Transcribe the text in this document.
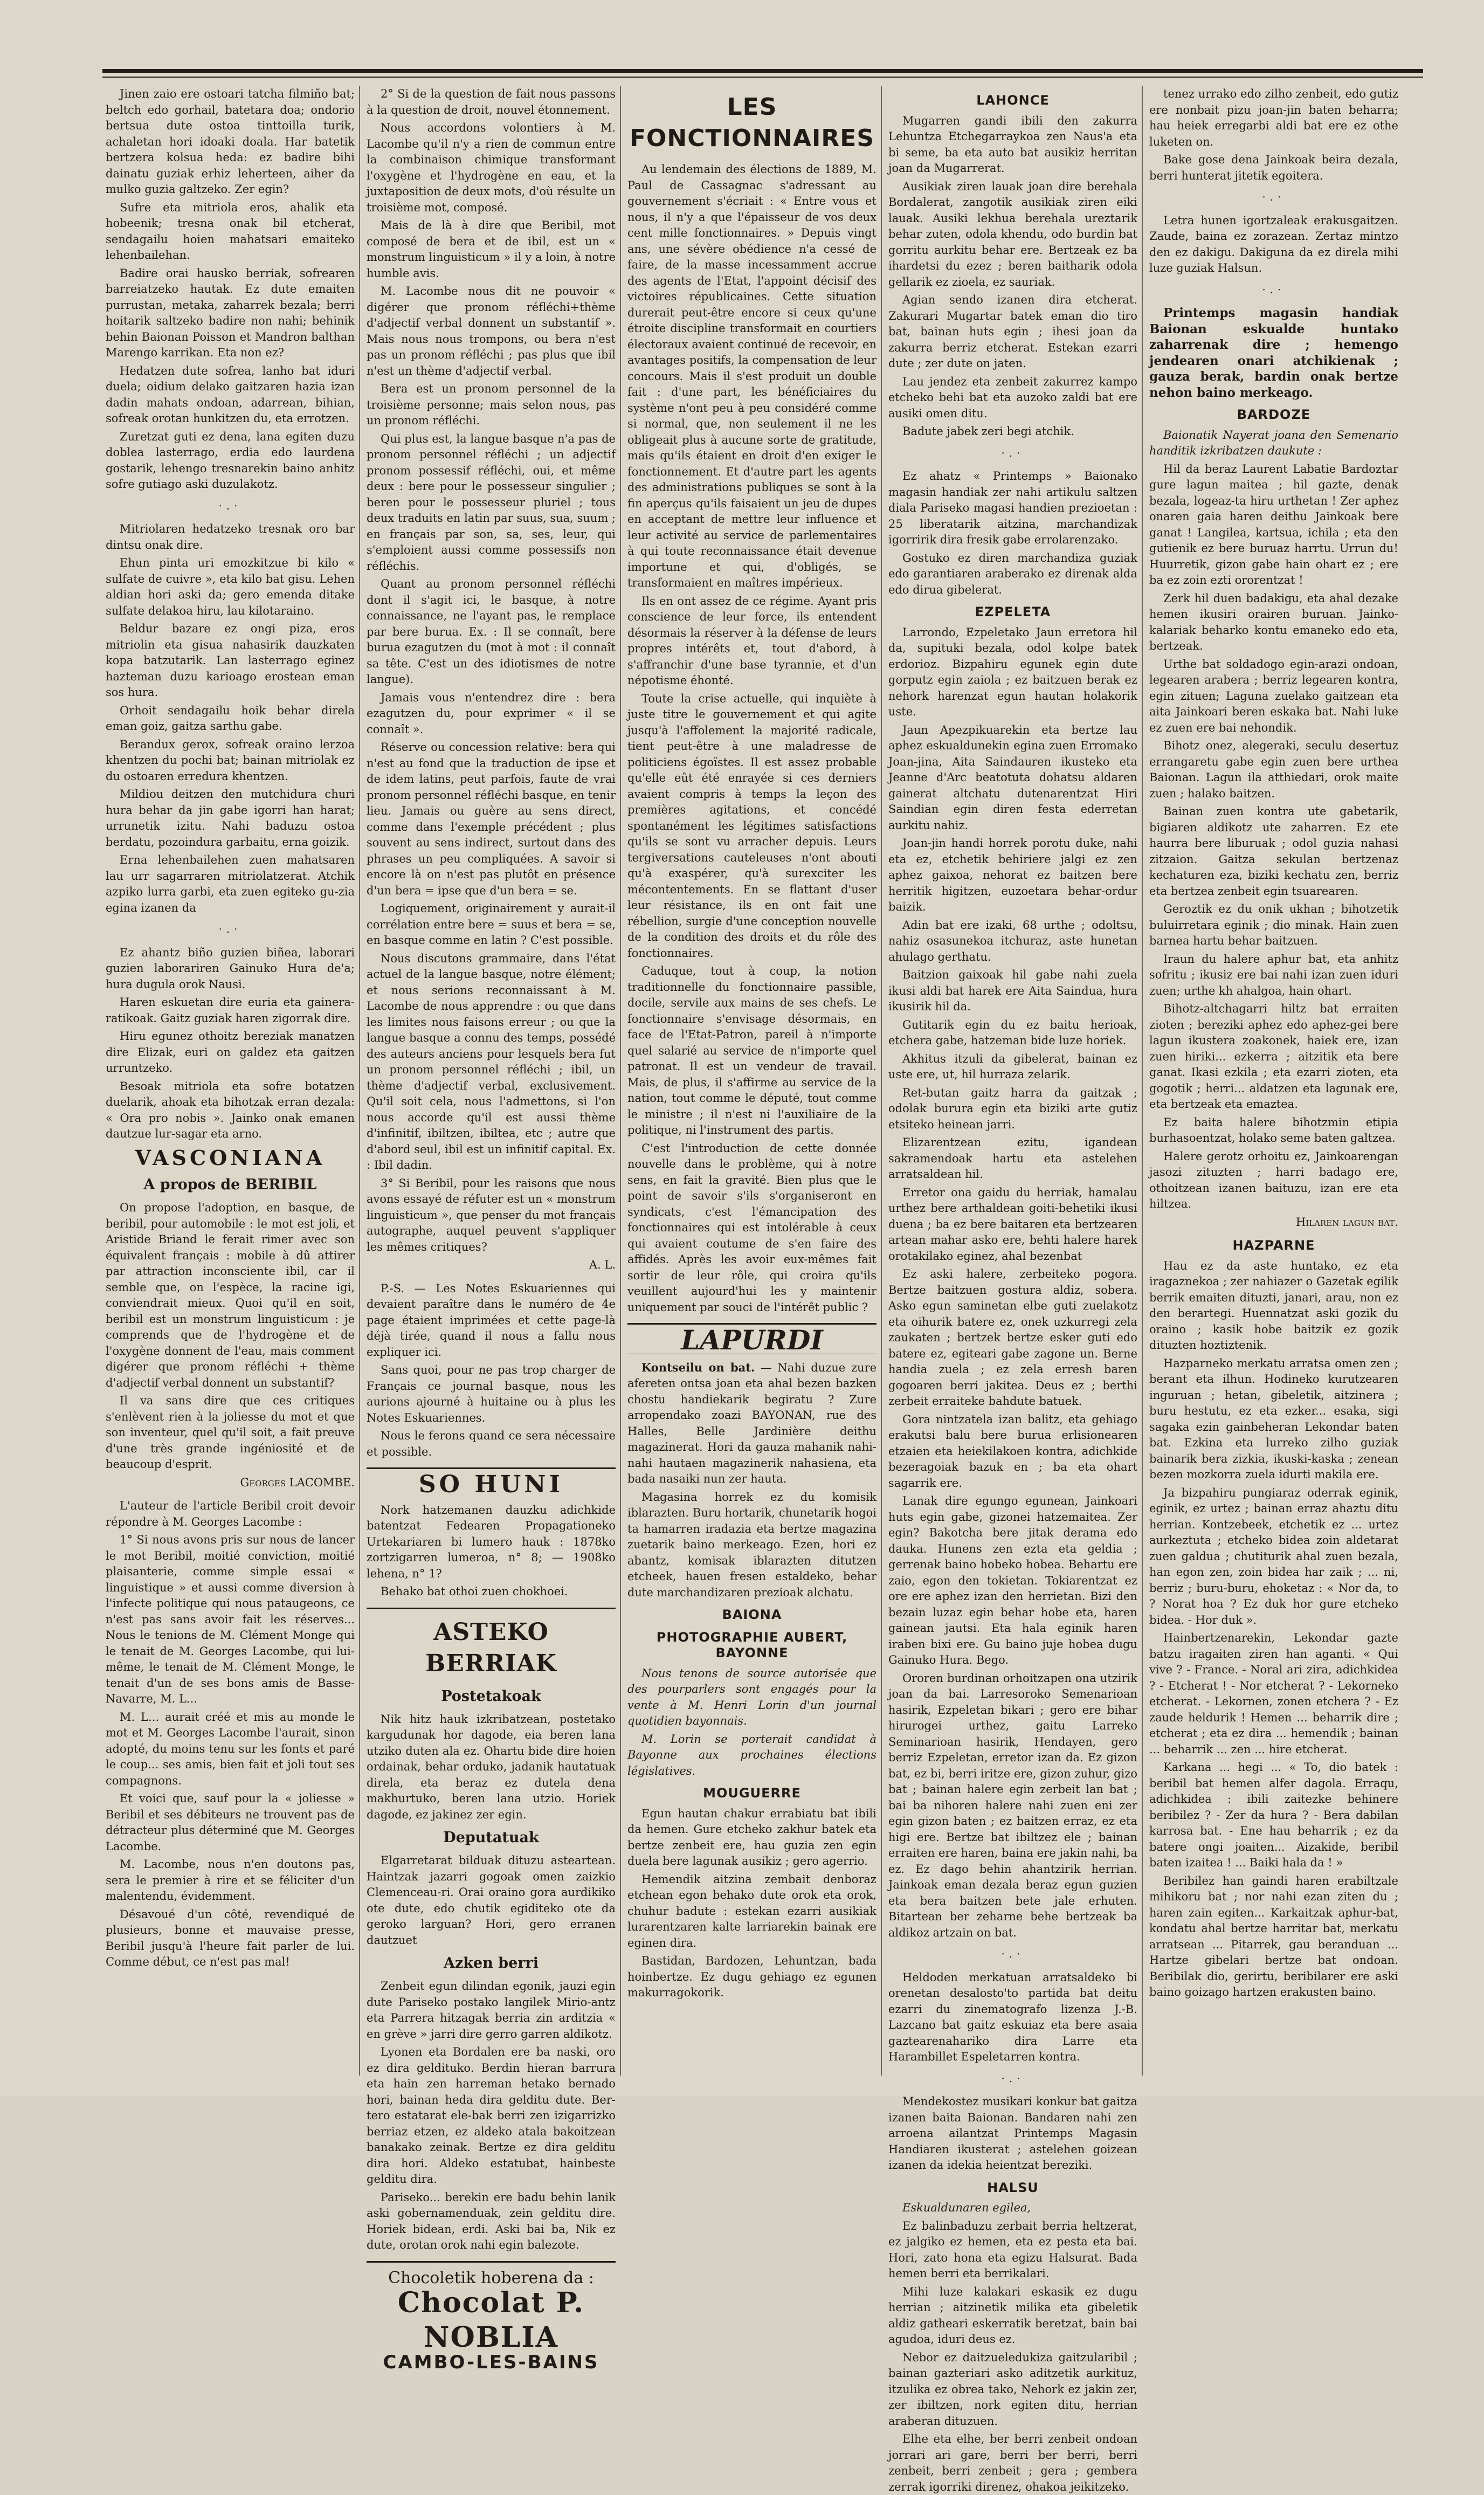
Jinen zaio ere ostoari tatcha filmiño bat; beltch edo gorhail, batetara doa; ondorio bertsua dute ostoa tinttoilla turik, achaletan hori idoaki doala. Har batetik bertzera kolsua heda: ez badire bihi dainatu guziak erhiz leherteen, aiher da mulko guzia galtzeko. Zer egin?

Sufre eta mitriola eros, ahalik eta hobeenik; tresna onak bil etcherat, sendagailu hoien mahatsari emaiteko lehenbailehan.

Badire orai hausko berriak, sofrearen barreiatzeko hautak. Ez dute emaiten purrustan, metaka, zaharrek bezala; berri hoitarik saltzeko badire non nahi; behinik behin Baionan Poisson et Mandron balthan Marengo karrikan. Eta non ez?

Hedatzen dute sofrea, lanho bat iduri duela; oidium delako gaitzaren hazia izan dadin mahats ondoan, adarrean, bihian, sofreak orotan hunkitzen du, eta errotzen.

Zuretzat guti ez dena, lana egiten duzu doblea lasterrago, erdia edo laurdena gostarik, lehengo tresnarekin baino anhitz sofre gutiago aski duzulakotz.

·.·

Mitriolaren hedatzeko tresnak oro bar dintsu onak dire.

Ehun pinta uri emozkitzue bi kilo « sulfate de cuivre », eta kilo bat gisu. Lehen aldian hori aski da; gero emenda ditake sulfate delakoa hiru, lau kilotaraino.

Beldur bazare ez ongi piza, eros mitriolin eta gisua nahasirik dauzkaten kopa batzutarik. Lan lasterrago eginez hazteman duzu karioago erostean eman sos hura.

Orhoit sendagailu hoik behar direla eman goiz, gaitza sarthu gabe.

Berandux gerox, sofreak oraino lerzoa khentzen du pochi bat; bainan mitriolak ez du ostoaren erredura khentzen.

Mildiou deitzen den mutchidura churi hura behar da jin gabe igorri han harat; urrunetik izitu. Nahi baduzu ostoa berdatu, pozoindura garbaitu, erna goizik.

Erna lehenbailehen zuen mahatsaren lau urr sagarraren mitriolatzerat. Atchik azpiko lurra garbi, eta zuen egiteko gu-zia egina izanen da

·.·

Ez ahantz biño guzien biñea, laborari guzien laborariren Gainuko Hura de'a; hura dugula orok Nausi.

Haren eskuetan dire euria eta gainera-ratikoak. Gaitz guziak haren zigorrak dire.

Hiru egunez othoitz bereziak manatzen dire Elizak, euri on galdez eta gaitzen urruntzeko.

Besoak mitriola eta sofre botatzen duelarik, ahoak eta bihotzak erran dezala: « Ora pro nobis ». Jainko onak emanen dautzue lur-sagar eta arno.

VASCONIANA
A propos de BERIBIL

On propose l'adoption, en basque, de beribil, pour automobile : le mot est joli, et Aristide Briand le ferait rimer avec son équivalent français : mobile à dû attirer par attraction inconsciente ibil, car il semble que, on l'espèce, la racine igi, conviendrait mieux. Quoi qu'il en soit, beribil est un monstrum linguisticum : je comprends que de l'hydrogène et de l'oxygène donnent de l'eau, mais comment digérer que pronom réfléchi + thème d'adjectif verbal donnent un substantif?

Il va sans dire que ces critiques s'enlèvent rien à la joliesse du mot et que son inventeur, quel qu'il soit, a fait preuve d'une très grande ingéniosité et de beaucoup d'esprit.

Georges LACOMBE.

L'auteur de l'article Beribil croit devoir répondre à M. Georges Lacombe :

1° Si nous avons pris sur nous de lancer le mot Beribil, moitié conviction, moitié plaisanterie, comme simple essai « linguistique » et aussi comme diversion à l'infecte politique qui nous pataugeons, ce n'est pas sans avoir fait les réserves... Nous le tenions de M. Clément Monge qui le tenait de M. Georges Lacombe, qui lui-même, le tenait de M. Clément Monge, le tenait d'un de ses bons amis de Basse-Navarre, M. L...

M. L... aurait créé et mis au monde le mot et M. Georges Lacombe l'aurait, sinon adopté, du moins tenu sur les fonts et paré le coup... ses amis, bien fait et joli tout ses compagnons.

Et voici que, sauf pour la « joliesse » Beribil et ses débiteurs ne trouvent pas de détracteur plus déterminé que M. Georges Lacombe.

M. Lacombe, nous n'en doutons pas, sera le premier à rire et se féliciter d'un malentendu, évidemment.

Désavoué d'un côté, revendiqué de plusieurs, bonne et mauvaise presse, Beribil jusqu'à l'heure fait parler de lui. Comme début, ce n'est pas mal!

2° Si de la question de fait nous passons à la question de droit, nouvel étonnement.

Nous accordons volontiers à M. Lacombe qu'il n'y a rien de commun entre la combinaison chimique transformant l'oxygène et l'hydrogène en eau, et la juxtaposition de deux mots, d'où résulte un troisième mot, composé.

Mais de là à dire que Beribil, mot composé de bera et de ibil, est un « monstrum linguisticum » il y a loin, à notre humble avis.

M. Lacombe nous dit ne pouvoir « digérer que pronom réfléchi+thème d'adjectif verbal donnent un substantif ». Mais nous nous trompons, ou bera n'est pas un pronom réfléchi ; pas plus que ibil n'est un thème d'adjectif verbal.

Bera est un pronom personnel de la troisième personne; mais selon nous, pas un pronom réfléchi.

Qui plus est, la langue basque n'a pas de pronom personnel réfléchi ; un adjectif pronom possessif réfléchi, oui, et même deux : bere pour le possesseur singulier ; beren pour le possesseur pluriel ; tous deux traduits en latin par suus, sua, suum ; en français par son, sa, ses, leur, qui s'emploient aussi comme possessifs non réfléchis.

Quant au pronom personnel réfléchi dont il s'agit ici, le basque, à notre connaissance, ne l'ayant pas, le remplace par bere burua. Ex. : Il se connaît, bere burua ezagutzen du (mot à mot : il connaît sa tête. C'est un des idiotismes de notre langue).

Jamais vous n'entendrez dire : bera ezagutzen du, pour exprimer « il se connaît ».

Réserve ou concession relative: bera qui n'est au fond que la traduction de ipse et de idem latins, peut parfois, faute de vrai pronom personnel réfléchi basque, en tenir lieu. Jamais ou guère au sens direct, comme dans l'exemple précédent ; plus souvent au sens indirect, surtout dans des phrases un peu compliquées. A savoir si encore là on n'est pas plutôt en présence d'un bera = ipse que d'un bera = se.

Logiquement, originairement y aurait-il corrélation entre bere = suus et bera = se, en basque comme en latin ? C'est possible.

Nous discutons grammaire, dans l'état actuel de la langue basque, notre élément; et nous serions reconnaissant à M. Lacombe de nous apprendre : ou que dans les limites nous faisons erreur ; ou que la langue basque a connu des temps, possédé des auteurs anciens pour lesquels bera fut un pronom personnel réfléchi ; ibil, un thème d'adjectif verbal, exclusivement. Qu'il soit cela, nous l'admettons, si l'on nous accorde qu'il est aussi thème d'infinitif, ibiltzen, ibiltea, etc ; autre que d'abord seul, ibil est un infinitif capital. Ex. : Ibil dadin.

3° Si Beribil, pour les raisons que nous avons essayé de réfuter est un « monstrum linguisticum », que penser du mot français autographe, auquel peuvent s'appliquer les mêmes critiques?

A. L.

P.-S. — Les Notes Eskuariennes qui devaient paraître dans le numéro de 4e page étaient imprimées et cette page-là déjà tirée, quand il nous a fallu nous expliquer ici.

Sans quoi, pour ne pas trop charger de Français ce journal basque, nous les aurions ajourné à huitaine ou à plus les Notes Eskuariennes.

Nous le ferons quand ce sera nécessaire et possible.

SO HUNI

Nork hatzemanen dauzku adichkide batentzat Fedearen Propagationeko Urtekariaren bi lumero hauk : 1878ko zortzigarren lumeroa, n° 8; — 1908ko lehena, n° 1?

Behako bat othoi zuen chokhoei.

ASTEKO BERRIAK
Postetakoak

Nik hitz hauk izkribatzean, postetako kargudunak hor dagode, eia beren lana utziko duten ala ez. Ohartu bide dire hoien ordainak, behar orduko, jadanik hautatuak direla, eta beraz ez dutela dena makhurtuko, beren lana utzio. Horiek dagode, ez jakinez zer egin.

Deputatuak

Elgarretarat bilduak dituzu asteartean. Haintzak jazarri gogoak omen zaizkio Clemenceau-ri. Orai oraino gora aurdikiko ote dute, edo chutik egiditeko ote da geroko larguan? Hori, gero erranen dautzuet

Azken berri

Zenbeit egun dilindan egonik, jauzi egin dute Pariseko postako langilek Mirio-antz eta Parrera hitzagak berria zin arditzia « en grève » jarri dire gerro garren aldikotz.

Lyonen eta Bordalen ere ba naski, oro ez dira geldituko. Berdin hieran barrura eta hain zen harreman hetako bernado hori, bainan heda dira gelditu dute. Ber-tero estatarat ele-bak berri zen izigarrizko berriaz etzen, ez aldeko atala bakoitzean banakako zeinak. Bertze ez dira gelditu dira hori. Aldeko estatubat, hainbeste gelditu dira.

Pariseko... berekin ere badu behin lanik aski gobernamenduak, zein gelditu dire. Horiek bidean, erdi. Aski bai ba, Nik ez dute, orotan orok nahi egin balezote.

Chocoletik hoberena da :
Chocolat P. NOBLIA
CAMBO-LES-BAINS
LES FONCTIONNAIRES

Au lendemain des élections de 1889, M. Paul de Cassagnac s'adressant au gouvernement s'écriait : « Entre vous et nous, il n'y a que l'épaisseur de vos deux cent mille fonctionnaires. » Depuis vingt ans, une sévère obédience n'a cessé de faire, de la masse incessamment accrue des agents de l'Etat, l'appoint décisif des victoires républicaines. Cette situation durerait peut-être encore si ceux qu'une étroite discipline transformait en courtiers électoraux avaient continué de recevoir, en avantages positifs, la compensation de leur concours. Mais il s'est produit un double fait : d'une part, les bénéficiaires du système n'ont peu à peu considéré comme si normal, que, non seulement il ne les obligeait plus à aucune sorte de gratitude, mais qu'ils étaient en droit d'en exiger le fonctionnement. Et d'autre part les agents des administrations publiques se sont à la fin aperçus qu'ils faisaient un jeu de dupes en acceptant de mettre leur influence et leur activité au service de parlementaires à qui toute reconnaissance était devenue importune et qui, d'obligés, se transformaient en maîtres impérieux.

Ils en ont assez de ce régime. Ayant pris conscience de leur force, ils entendent désormais la réserver à la défense de leurs propres intérêts et, tout d'abord, à s'affranchir d'une base tyrannie, et d'un népotisme éhonté.

Toute la crise actuelle, qui inquiète à juste titre le gouvernement et qui agite jusqu'à l'affolement la majorité radicale, tient peut-être à une maladresse de politiciens égoïstes. Il est assez probable qu'elle eût été enrayée si ces derniers avaient compris à temps la leçon des premières agitations, et concédé spontanément les légitimes satisfactions qu'ils se sont vu arracher depuis. Leurs tergiversations cauteleuses n'ont abouti qu'à exaspérer, qu'à surexciter les mécontentements. En se flattant d'user leur résistance, ils en ont fait une rébellion, surgie d'une conception nouvelle de la condition des droits et du rôle des fonctionnaires.

Caduque, tout à coup, la notion traditionnelle du fonctionnaire passible, docile, servile aux mains de ses chefs. Le fonctionnaire s'envisage désormais, en face de l'Etat-Patron, pareil à n'importe quel salarié au service de n'importe quel patronat. Il est un vendeur de travail. Mais, de plus, il s'affirme au service de la nation, tout comme le député, tout comme le ministre ; il n'est ni l'auxiliaire de la politique, ni l'instrument des partis.

C'est l'introduction de cette donnée nouvelle dans le problème, qui à notre sens, en fait la gravité. Bien plus que le point de savoir s'ils s'organiseront en syndicats, c'est l'émancipation des fonctionnaires qui est intolérable à ceux qui avaient coutume de s'en faire des affidés. Après les avoir eux-mêmes fait sortir de leur rôle, qui croira qu'ils veuillent aujourd'hui les y maintenir uniquement par souci de l'intérêt public ?

LAPURDI

Kontseilu on bat. — Nahi duzue zure afereten ontsa joan eta ahal bezen bazken chostu handiekarik begiratu ? Zure arropendako zoazi BAYONAN, rue des Halles, Belle Jardinière deithu magazinerat. Hori da gauza mahanik nahi-nahi hautaen magazinerik nahasiena, eta bada nasaiki nun zer hauta.

Magasina horrek ez du komisik iblarazten. Buru hortarik, chunetarik hogoi ta hamarren iradazia eta bertze magazina zuetarik baino merkeago. Ezen, hori ez abantz, komisak iblarazten ditutzen etcheek, hauen fresen estaldeko, behar dute marchandizaren prezioak alchatu.

BAIONA
PHOTOGRAPHIE AUBERT, BAYONNE

Nous tenons de source autorisée que des pourparlers sont engagés pour la vente à M. Henri Lorin d'un journal quotidien bayonnais.

M. Lorin se porterait candidat à Bayonne aux prochaines élections législatives.

MOUGUERRE

Egun hautan chakur errabiatu bat ibili da hemen. Gure etcheko zakhur batek eta bertze zenbeit ere, hau guzia zen egin duela bere lagunak ausikiz ; gero agerrio.

Hemendik aitzina zembait denboraz etchean egon behako dute orok eta orok, chuhur badute : estekan ezarri ausikiak lurarentzaren kalte larriarekin bainak ere eginen dira.

Bastidan, Bardozen, Lehuntzan, bada hoinbertze. Ez dugu gehiago ez egunen makurragokorik.

LAHONCE

Mugarren gandi ibili den zakurra Lehuntza Etchegarraykoa zen Naus'a eta bi seme, ba eta auto bat ausikiz herritan joan da Mugarrerat.

Ausikiak ziren lauak joan dire berehala Bordalerat, zangotik ausikiak ziren eiki lauak. Ausiki lekhua berehala ureztarik behar zuten, odola khendu, odo burdin bat gorritu aurkitu behar ere. Bertzeak ez ba ihardetsi du ezez ; beren baitharik odola gellarik ez zioela, ez sauriak.

Agian sendo izanen dira etcherat. Zakurari Mugartar batek eman dio tiro bat, bainan huts egin ; ihesi joan da zakurra berriz etcherat. Estekan ezarri dute ; zer dute on jaten.

Lau jendez eta zenbeit zakurrez kampo etcheko behi bat eta auzoko zaldi bat ere ausiki omen ditu.

Badute jabek zeri begi atchik.

·.·

Ez ahatz « Printemps » Baionako magasin handiak zer nahi artikulu saltzen diala Pariseko magasi handien prezioetan : 25 liberatarik aitzina, marchandizak igorririk dira fresik gabe errolarenzako.

Gostuko ez diren marchandiza guziak edo garantiaren araberako ez direnak alda edo dirua gibelerat.

EZPELETA

Larrondo, Ezpeletako Jaun erretora hil da, supituki bezala, odol kolpe batek erdorioz. Bizpahiru egunek egin dute gorputz egin zaiola ; ez baitzuen berak ez nehork harenzat egun hautan holakorik uste.

Jaun Apezpikuarekin eta bertze lau aphez eskualdunekin egina zuen Erromako Joan-jina, Aita Saindauren ikusteko eta Jeanne d'Arc beatotuta dohatsu aldaren gainerat altchatu dutenarentzat Hiri Saindian egin diren festa ederretan aurkitu nahiz.

Joan-jin handi horrek porotu duke, nahi eta ez, etchetik behiriere jalgi ez zen aphez gaixoa, nehorat ez baitzen bere herritik higitzen, euzoetara behar-ordur baizik.

Adin bat ere izaki, 68 urthe ; odoltsu, nahiz osasunekoa itchuraz, aste hunetan ahulago gerthatu.

Baitzion gaixoak hil gabe nahi zuela ikusi aldi bat harek ere Aita Saindua, hura ikusirik hil da.

Gutitarik egin du ez baitu herioak, etchera gabe, hatzeman bide luze horiek.

Akhitus itzuli da gibelerat, bainan ez uste ere, ut, hil hurraza zelarik.

Ret-butan gaitz harra da gaitzak ; odolak burura egin eta biziki arte gutiz etsiteko heinean jarri.

Elizarentzean ezitu, igandean sakramendoak hartu eta astelehen arratsaldean hil.

Erretor ona gaidu du herriak, hamalau urthez bere arthaldean goiti-behetiki ikusi duena ; ba ez bere baitaren eta bertzearen artean mahar asko ere, behti halere harek orotakilako eginez, ahal bezenbat

Ez aski halere, zerbeiteko pogora. Bertze baitzuen gostura aldiz, sobera. Asko egun saminetan elbe guti zuelakotz eta oihurik batere ez, onek uzkurregi zela zaukaten ; bertzek bertze esker guti edo batere ez, egiteari gabe zagone un. Berne handia zuela ; ez zela erresh baren gogoaren berri jakitea. Deus ez ; berthi zerbeit erraiteke bahdute batuek.

Gora nintzatela izan balitz, eta gehiago erakutsi balu bere burua erlisionearen etzaien eta heiekilakoen kontra, adichkide bezeragoiak bazuk en ; ba eta ohart sagarrik ere.

Lanak dire egungo egunean, Jainkoari huts egin gabe, gizonei hatzemaitea. Zer egin? Bakotcha bere jitak derama edo dauka. Hunens zen ezta eta geldia ; gerrenak baino hobeko hobea. Behartu ere zaio, egon den tokietan. Tokiarentzat ez ore ere aphez izan den herrietan. Bizi den bezain luzaz egin behar hobe eta, haren gainean jautsi. Eta hala eginik haren iraben bixi ere. Gu baino juje hobea dugu Gainuko Hura. Bego.

Ororen burdinan orhoitzapen ona utzirik joan da bai. Larresoroko Semenarioan hasirik, Ezpeletan bikari ; gero ere bihar hirurogei urthez, gaitu Larreko Seminarioan hasirik, Hendayen, gero berriz Ezpeletan, erretor izan da. Ez gizon bat, ez bi, berri iritze ere, gizon zuhur, gizo bat ; bainan halere egin zerbeit lan bat ; bai ba nihoren halere nahi zuen eni zer egin gizon baten ; ez baitzen erraz, ez eta higi ere. Bertze bat ibiltzez ele ; bainan erraiten ere haren, baina ere jakin nahi, ba ez. Ez dago behin ahantzirik herrian. Jainkoak eman dezala beraz egun guzien eta bera baitzen bete jale erhuten. Bitartean ber zeharne behe bertzeak ba aldikoz artzain on bat.

·.·

Heldoden merkatuan arratsaldeko bi orenetan desalosto'to partida bat deitu ezarri du zinematografo lizenza J.-B. Lazcano bat gaitz eskuiaz eta bere asaia gaztearenahariko dira Larre eta Harambillet Espeletarren kontra.

·.·

Mendekostez musikari konkur bat gaitza izanen baita Baionan. Bandaren nahi zen arroena ailantzat Printemps Magasin Handiaren ikusterat ; astelehen goizean izanen da idekia heientzat bereziki.

HALSU

Eskualdunaren egilea,

Ez balinbaduzu zerbait berria heltzerat, ez jalgiko ez hemen, eta ez pesta eta bai. Hori, zato hona eta egizu Halsurat. Bada hemen berri eta berrikalari.

Mihi luze kalakari eskasik ez dugu herrian ; aitzinetik milika eta gibeletik aldiz gatheari eskerratik beretzat, bain bai agudoa, iduri deus ez.

Nebor ez daitzueledukiza gaitzularibil ; bainan gazteriari asko aditzetik aurkituz, itzulika ez obrea tako, Nehork ez jakin zer, zer ibiltzen, nork egiten ditu, herrian araberan dituzuen.

Elhe eta elhe, ber berri zenbeit ondoan jorrari ari gare, berri ber berri, berri zenbeit, berri zenbeit ; gera ; gembera zerrak igorriki direnez, ohakoa jeikitzeko.

tenez urrako edo zilho zenbeit, edo gutiz ere nonbait pizu joan-jin baten beharra; hau heiek erregarbi aldi bat ere ez othe luketen on.

Bake gose dena Jainkoak beira dezala, berri hunterat jitetik egoitera.

·.·

Letra hunen igortzaleak erakusgaitzen. Zaude, baina ez zorazean. Zertaz mintzo den ez dakigu. Dakiguna da ez direla mihi luze guziak Halsun.

·.·

Printemps magasin handiak Baionan eskualde huntako zaharrenak dire ; hemengo jendearen onari atchikienak ; gauza berak, bardin onak bertze nehon baino merkeago.

BARDOZE

Baionatik Nayerat joana den Semenario handitik izkribatzen daukute :

Hil da beraz Laurent Labatie Bardoztar gure lagun maitea ; hil gazte, denak bezala, logeaz-ta hiru urthetan ! Zer aphez onaren gaia haren deithu Jainkoak bere ganat ! Langilea, kartsua, ichila ; eta den gutienik ez bere buruaz harrtu. Urrun du! Huurretik, gizon gabe hain ohart ez ; ere ba ez zoin ezti ororentzat !

Zerk hil duen badakigu, eta ahal dezake hemen ikusiri orairen buruan. Jainko-kalariak beharko kontu emaneko edo eta, bertzeak.

Urthe bat soldadogo egin-arazi ondoan, legearen arabera ; berriz legearen kontra, egin zituen; Laguna zuelako gaitzean eta aita Jainkoari beren eskaka bat. Nahi luke ez zuen ere bai nehondik.

Bihotz onez, alegeraki, seculu desertuz errangaretu gabe egin zuen bere urthea Baionan. Lagun ila atthiedari, orok maite zuen ; halako baitzen.

Bainan zuen kontra ute gabetarik, bigiaren aldikotz ute zaharren. Ez ete haurra bere liburuak ; odol guzia nahasi zitzaion. Gaitza sekulan bertzenaz kechaturen eza, biziki kechatu zen, berriz eta bertzea zenbeit egin tsuarearen.

Geroztik ez du onik ukhan ; bihotzetik buluirretara eginik ; dio minak. Hain zuen barnea hartu behar baitzuen.

Iraun du halere aphur bat, eta anhitz sofritu ; ikusiz ere bai nahi izan zuen iduri zuen; urthe kh ahalgoa, hain ohart.

Bihotz-altchagarri hiltz bat erraiten zioten ; bereziki aphez edo aphez-gei bere lagun ikustera zoakonek, haiek ere, izan zuen hiriki... ezkerra ; aitzitik eta bere ganat. Ikasi ezkila ; eta ezarri zioten, eta gogotik ; herri... aldatzen eta lagunak ere, eta bertzeak eta emaztea.

Ez baita halere bihotzmin etipia burhasoentzat, holako seme baten galtzea.

Halere gerotz orhoitu ez, Jainkoarengan jasozi zituzten ; harri badago ere, othoitzean izanen baituzu, izan ere eta hiltzea.

Hilaren lagun bat.
HAZPARNE

Hau ez da aste huntako, ez eta iragaznekoa ; zer nahiazer o Gazetak egilik berrik emaiten dituzti, janari, arau, non ez den berartegi. Huennatzat aski gozik du oraino ; kasik hobe baitzik ez gozik dituzten hoztiztenik.

Hazparneko merkatu arratsa omen zen ; berant eta ilhun. Hodineko kurutzearen inguruan ; hetan, gibeletik, aitzinera ; buru hestutu, ez eta ezker... esaka, sigi sagaka ezin gainbeheran Lekondar baten bat. Ezkina eta lurreko zilho guziak bainarik bera zizkia, ikuski-kaska ; zenean bezen mozkorra zuela idurti makila ere.

Ja bizpahiru pungiaraz oderrak eginik, eginik, ez urtez ; bainan erraz ahaztu ditu herrian. Kontzebeek, etchetik ez ... urtez aurkeztuta ; etcheko bidea zoin aldetarat zuen galdua ; chutiturik ahal zuen bezala, han egon zen, zoin bidea har zaik ; ... ni, berriz ; buru-buru, ehoketaz : « Nor da, to ? Norat hoa ? Ez duk hor gure etcheko bidea. - Hor duk ».

Hainbertzenarekin, Lekondar gazte batzu iragaiten ziren han aganti. « Qui vive ? - France. - Noral ari zira, adichkidea ? - Etcherat ! - Nor etcherat ? - Lekorneko etcherat. - Lekornen, zonen etchera ? - Ez zaude heldurik ! Hemen ... beharrik dire ; etcherat ; eta ez dira ... hemendik ; bainan ... beharrik ... zen ... hire etcherat.

Karkana ... hegi ... « To, dio batek : beribil bat hemen alfer dagola. Erraqu, adichkidea : ibili zaitezke behinere beribilez ? - Zer da hura ? - Bera dabilan karrosa bat. - Ene hau beharrik ; ez da batere ongi joaiten... Aizakide, beribil baten izaitea ! ... Baiki hala da ! »

Beribilez han gaindi haren erabiltzale mihikoru bat ; nor nahi ezan ziten du ; haren zain egiten... Karkaitzak aphur-bat, kondatu ahal bertze harritar bat, merkatu arratsean ... Pitarrek, gau beranduan ... Hartze gibelari bertze bat ondoan. Beribilak dio, gerirtu, beribilarer ere aski baino goizago hartzen erakusten baino.
